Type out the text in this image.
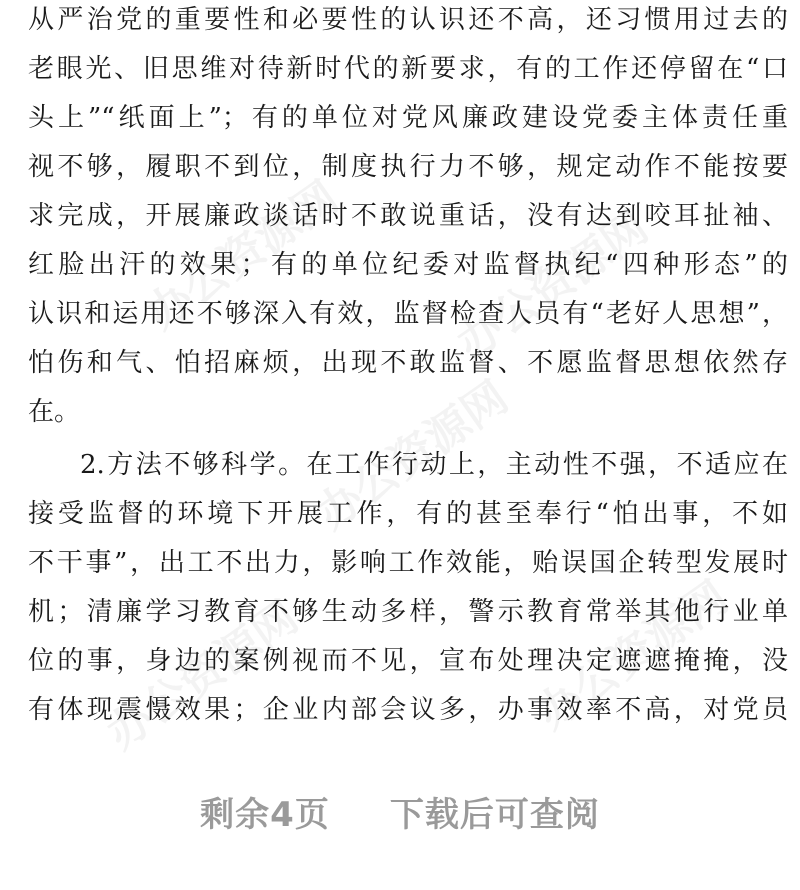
办公资源网 办公资源网
办公资源网
办公资源网	办公资源网
从严治党的重要性和必要性的认识还不高，还习惯用过去的
老眼光、旧思维对待新时代的新要求，有的工作还停留在“口
头上”“纸面上”；有的单位对党风廉政建设党委主体责任重
视不够，履职不到位，制度执行力不够，规定动作不能按要
求完成，开展廉政谈话时不敢说重话，没有达到咬耳扯袖、
红脸出汗的效果；有的单位纪委对监督执纪“四种形态”的
认识和运用还不够深入有效，监督检查人员有“老好人思想”，
怕伤和气、怕招麻烦，出现不敢监督、不愿监督思想依然存
在。
2.方法不够科学。在工作行动上，主动性不强，不适应在
接受监督的环境下开展工作，有的甚至奉行“怕出事，不如
不干事”，出工不出力，影响工作效能，贻误国企转型发展时
机；清廉学习教育不够生动多样，警示教育常举其他行业单
位的事，身边的案例视而不见，宣布处理决定遮遮掩掩，没
有体现震慑效果；企业内部会议多，办事效率不高，对党员
剩余4页 下载后可查阅
